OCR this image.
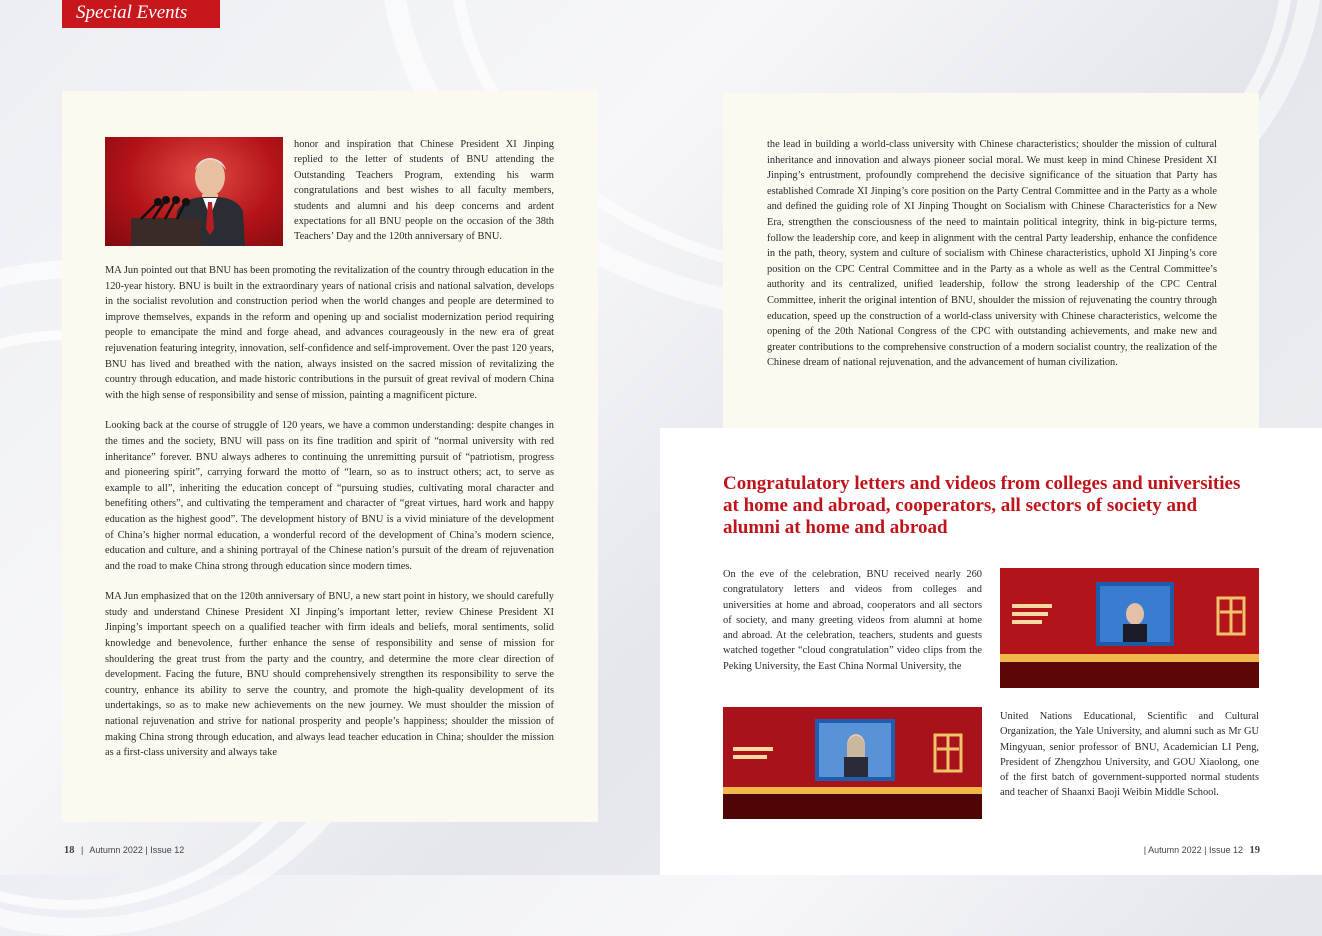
Special Events

honor and inspiration that Chinese President XI Jinping replied to the letter of students of BNU attending the Outstanding Teachers Program, extending his warm congratulations and best wishes to all faculty members, students and alumni and his deep concerns and ardent expectations for all BNU people on the occasion of the 38th Teachers’ Day and the 120th anniversary of BNU.

MA Jun pointed out that BNU has been promoting the revitalization of the country through education in the 120-year history. BNU is built in the extraordinary years of national crisis and national salvation, develops in the socialist revolution and construction period when the world changes and people are determined to improve themselves, expands in the reform and opening up and socialist modernization period requiring people to emancipate the mind and forge ahead, and advances courageously in the new era of great rejuvenation featuring integrity, innovation, self-confidence and self-improvement. Over the past 120 years, BNU has lived and breathed with the nation, always insisted on the sacred mission of revitalizing the country through education, and made historic contributions in the pursuit of great revival of modern China with the high sense of responsibility and sense of mission, painting a magnificent picture.

Looking back at the course of struggle of 120 years, we have a common understanding: despite changes in the times and the society, BNU will pass on its fine tradition and spirit of “normal university with red inheritance” forever. BNU always adheres to continuing the unremitting pursuit of “patriotism, progress and pioneering spirit”, carrying forward the motto of “learn, so as to instruct others; act, to serve as example to all”, inheriting the education concept of “pursuing studies, cultivating moral character and benefiting others”, and cultivating the temperament and character of “great virtues, hard work and happy education as the highest good”. The development history of BNU is a vivid miniature of the development of China’s higher normal education, a wonderful record of the development of China’s modern science, education and culture, and a shining portrayal of the Chinese nation’s pursuit of the dream of rejuvenation and the road to make China strong through education since modern times.

MA Jun emphasized that on the 120th anniversary of BNU, a new start point in history, we should carefully study and understand Chinese President XI Jinping’s important letter, review Chinese President XI Jinping’s important speech on a qualified teacher with firm ideals and beliefs, moral sentiments, solid knowledge and benevolence, further enhance the sense of responsibility and sense of mission for shouldering the great trust from the party and the country, and determine the more clear direction of development. Facing the future, BNU should comprehensively strengthen its responsibility to serve the country, enhance its ability to serve the country, and promote the high-quality development of its undertakings, so as to make new achievements on the new journey. We must shoulder the mission of national rejuvenation and strive for national prosperity and people’s happiness; shoulder the mission of making China strong through education, and always lead teacher education in China; shoulder the mission as a first-class university and always take

the lead in building a world-class university with Chinese characteristics; shoulder the mission of cultural inheritance and innovation and always pioneer social moral. We must keep in mind Chinese President XI Jinping’s entrustment, profoundly comprehend the decisive significance of the situation that Party has established Comrade XI Jinping’s core position on the Party Central Committee and in the Party as a whole and defined the guiding role of XI Jinping Thought on Socialism with Chinese Characteristics for a New Era, strengthen the consciousness of the need to maintain political integrity, think in big-picture terms, follow the leadership core, and keep in alignment with the central Party leadership, enhance the confidence in the path, theory, system and culture of socialism with Chinese characteristics, uphold XI Jinping’s core position on the CPC Central Committee and in the Party as a whole as well as the Central Committee’s authority and its centralized, unified leadership, follow the strong leadership of the CPC Central Committee, inherit the original intention of BNU, shoulder the mission of rejuvenating the country through education, speed up the construction of a world-class university with Chinese characteristics, welcome the opening of the 20th National Congress of the CPC with outstanding achievements, and make new and greater contributions to the comprehensive construction of a modern socialist country, the realization of the Chinese dream of national rejuvenation, and the advancement of human civilization.

Congratulatory letters and videos from colleges and universities at home and abroad, cooperators, all sectors of society and alumni at home and abroad

On the eve of the celebration, BNU received nearly 260 congratulatory letters and videos from colleges and universities at home and abroad, cooperators and all sectors of society, and many greeting videos from alumni at home and abroad. At the celebration, teachers, students and guests watched together “cloud congratulation” video clips from the Peking University, the East China Normal University, the

United Nations Educational, Scientific and Cultural Organization, the Yale University, and alumni such as Mr GU Mingyuan, senior professor of BNU, Academician LI Peng, President of Zhengzhou University, and GOU Xiaolong, one of the first batch of government-supported normal students and teacher of Shaanxi Baoji Weibin Middle School.

18 | Autumn 2022 | Issue 12	| Autumn 2022 | Issue 12 19
